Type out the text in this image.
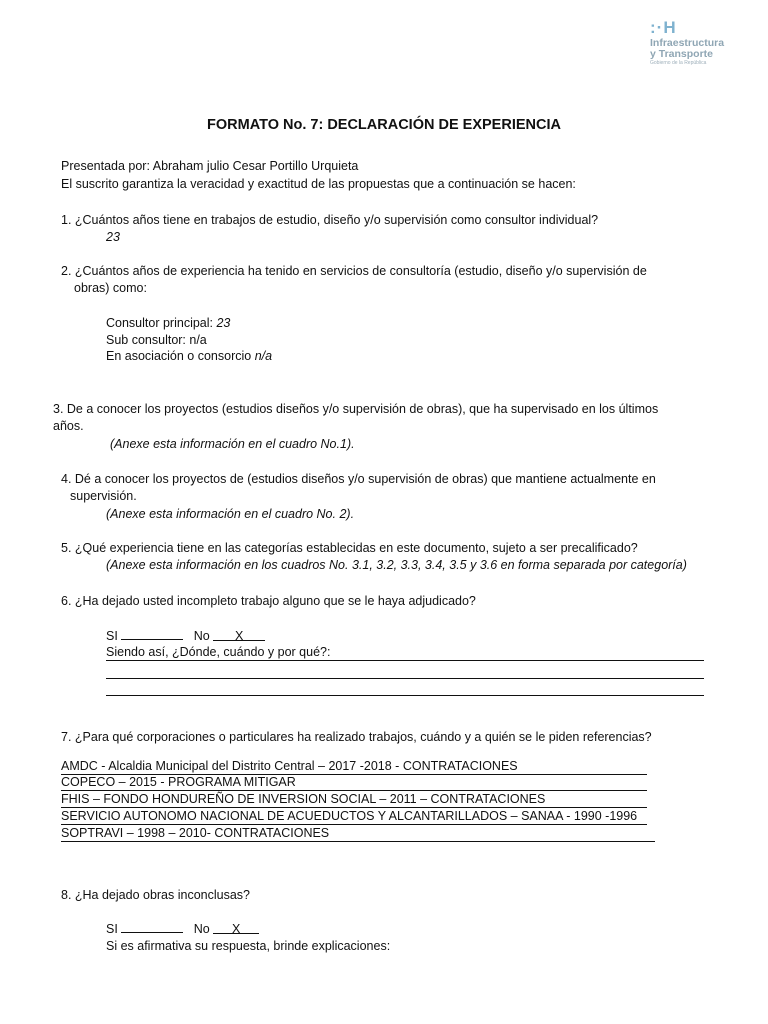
:·H
Infraestructura
y Transporte
Gobierno de la República
FORMATO No. 7: DECLARACIÓN DE EXPERIENCIA
Presentada por: Abraham julio Cesar Portillo Urquieta
El suscrito garantiza la veracidad y exactitud de las propuestas que a continuación se hacen:
1. ¿Cuántos años tiene en trabajos de estudio, diseño y/o supervisión como consultor individual?
23
2. ¿Cuántos años de experiencia ha tenido en servicios de consultoría (estudio, diseño y/o supervisión de
obras) como:
Consultor principal: 23
Sub consultor: n/a
En asociación o consorcio n/a
3. De a conocer los proyectos (estudios diseños y/o supervisión de obras), que ha supervisado en los últimos
años.
(Anexe esta información en el cuadro No.1).
4. Dé a conocer los proyectos de (estudios diseños y/o supervisión de obras) que mantiene actualmente en
supervisión.
(Anexe esta información en el cuadro No. 2).
5. ¿Qué experiencia tiene en las categorías establecidas en este documento, sujeto a ser precalificado?
(Anexe esta información en los cuadros No. 3.1, 3.2, 3.3, 3.4, 3.5 y 3.6 en forma separada por categoría)
6. ¿Ha dejado usted incompleto trabajo alguno que se le haya adjudicado?
SI	No X
Siendo así, ¿Dónde, cuándo y por qué?:
7. ¿Para qué corporaciones o particulares ha realizado trabajos, cuándo y a quién se le piden referencias?
AMDC - Alcaldia Municipal del Distrito Central – 2017 -2018 - CONTRATACIONES
COPECO – 2015 - PROGRAMA MITIGAR
FHIS – FONDO HONDUREÑO DE INVERSION SOCIAL – 2011 – CONTRATACIONES
SERVICIO AUTONOMO NACIONAL DE ACUEDUCTOS Y ALCANTARILLADOS – SANAA - 1990 -1996
SOPTRAVI – 1998 – 2010- CONTRATACIONES
8. ¿Ha dejado obras inconclusas?
SI	No X
Si es afirmativa su respuesta, brinde explicaciones:
